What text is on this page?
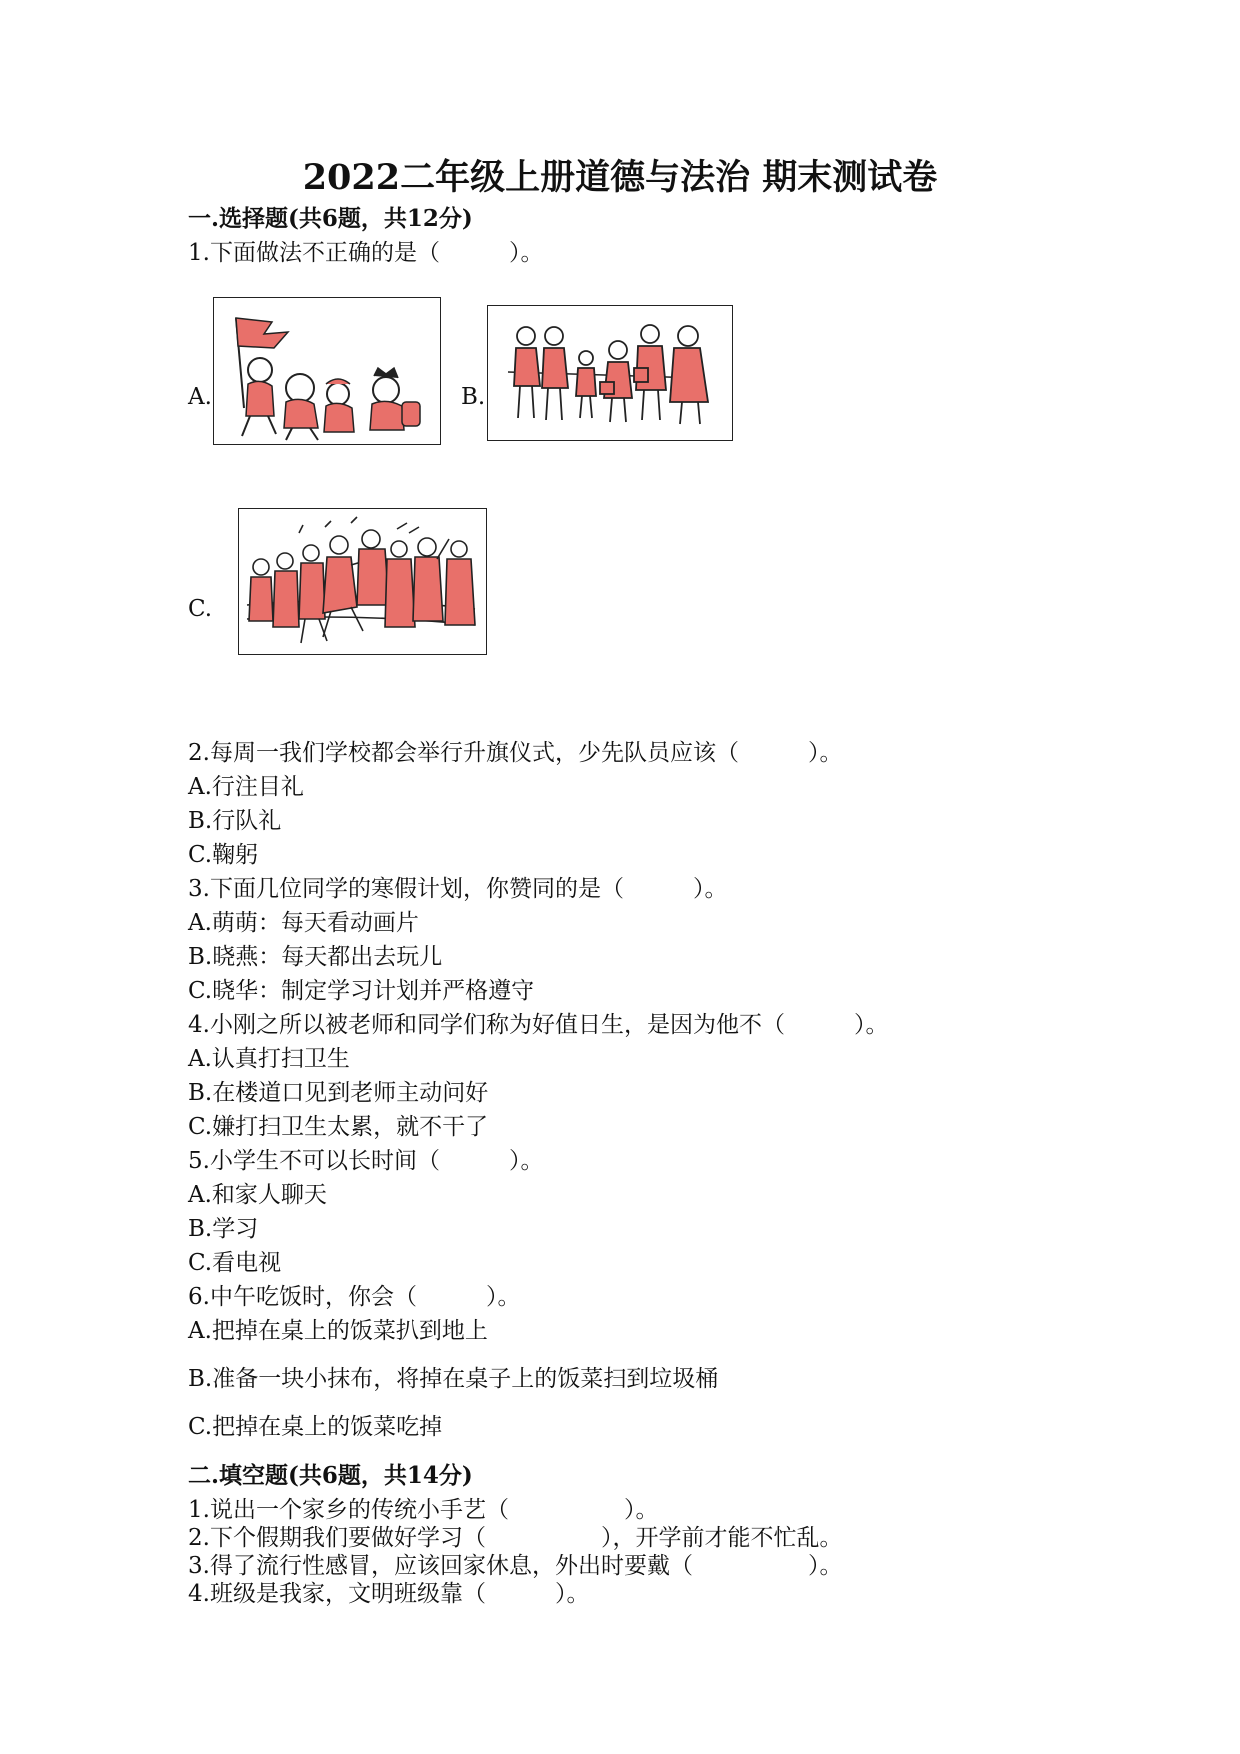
2022二年级上册道德与法治 期末测试卷
一.选择题(共6题，共12分)
1.下面做法不正确的是（　　　）。
A.	B.
C.
2.每周一我们学校都会举行升旗仪式，少先队员应该（　　　）。
A.行注目礼
B.行队礼
C.鞠躬
3.下面几位同学的寒假计划，你赞同的是（　　　）。
A.萌萌：每天看动画片
B.晓燕：每天都出去玩儿
C.晓华：制定学习计划并严格遵守
4.小刚之所以被老师和同学们称为好值日生，是因为他不（　　　）。
A.认真打扫卫生
B.在楼道口见到老师主动问好
C.嫌打扫卫生太累，就不干了
5.小学生不可以长时间（　　　）。
A.和家人聊天
B.学习
C.看电视
6.中午吃饭时，你会（　　　）。
A.把掉在桌上的饭菜扒到地上
B.准备一块小抹布，将掉在桌子上的饭菜扫到垃圾桶
C.把掉在桌上的饭菜吃掉
二.填空题(共6题，共14分)
1.说出一个家乡的传统小手艺（　　　　　）。
2.下个假期我们要做好学习（　　　　　），开学前才能不忙乱。
3.得了流行性感冒，应该回家休息，外出时要戴（　　　　　）。
4.班级是我家，文明班级靠（　　　）。
